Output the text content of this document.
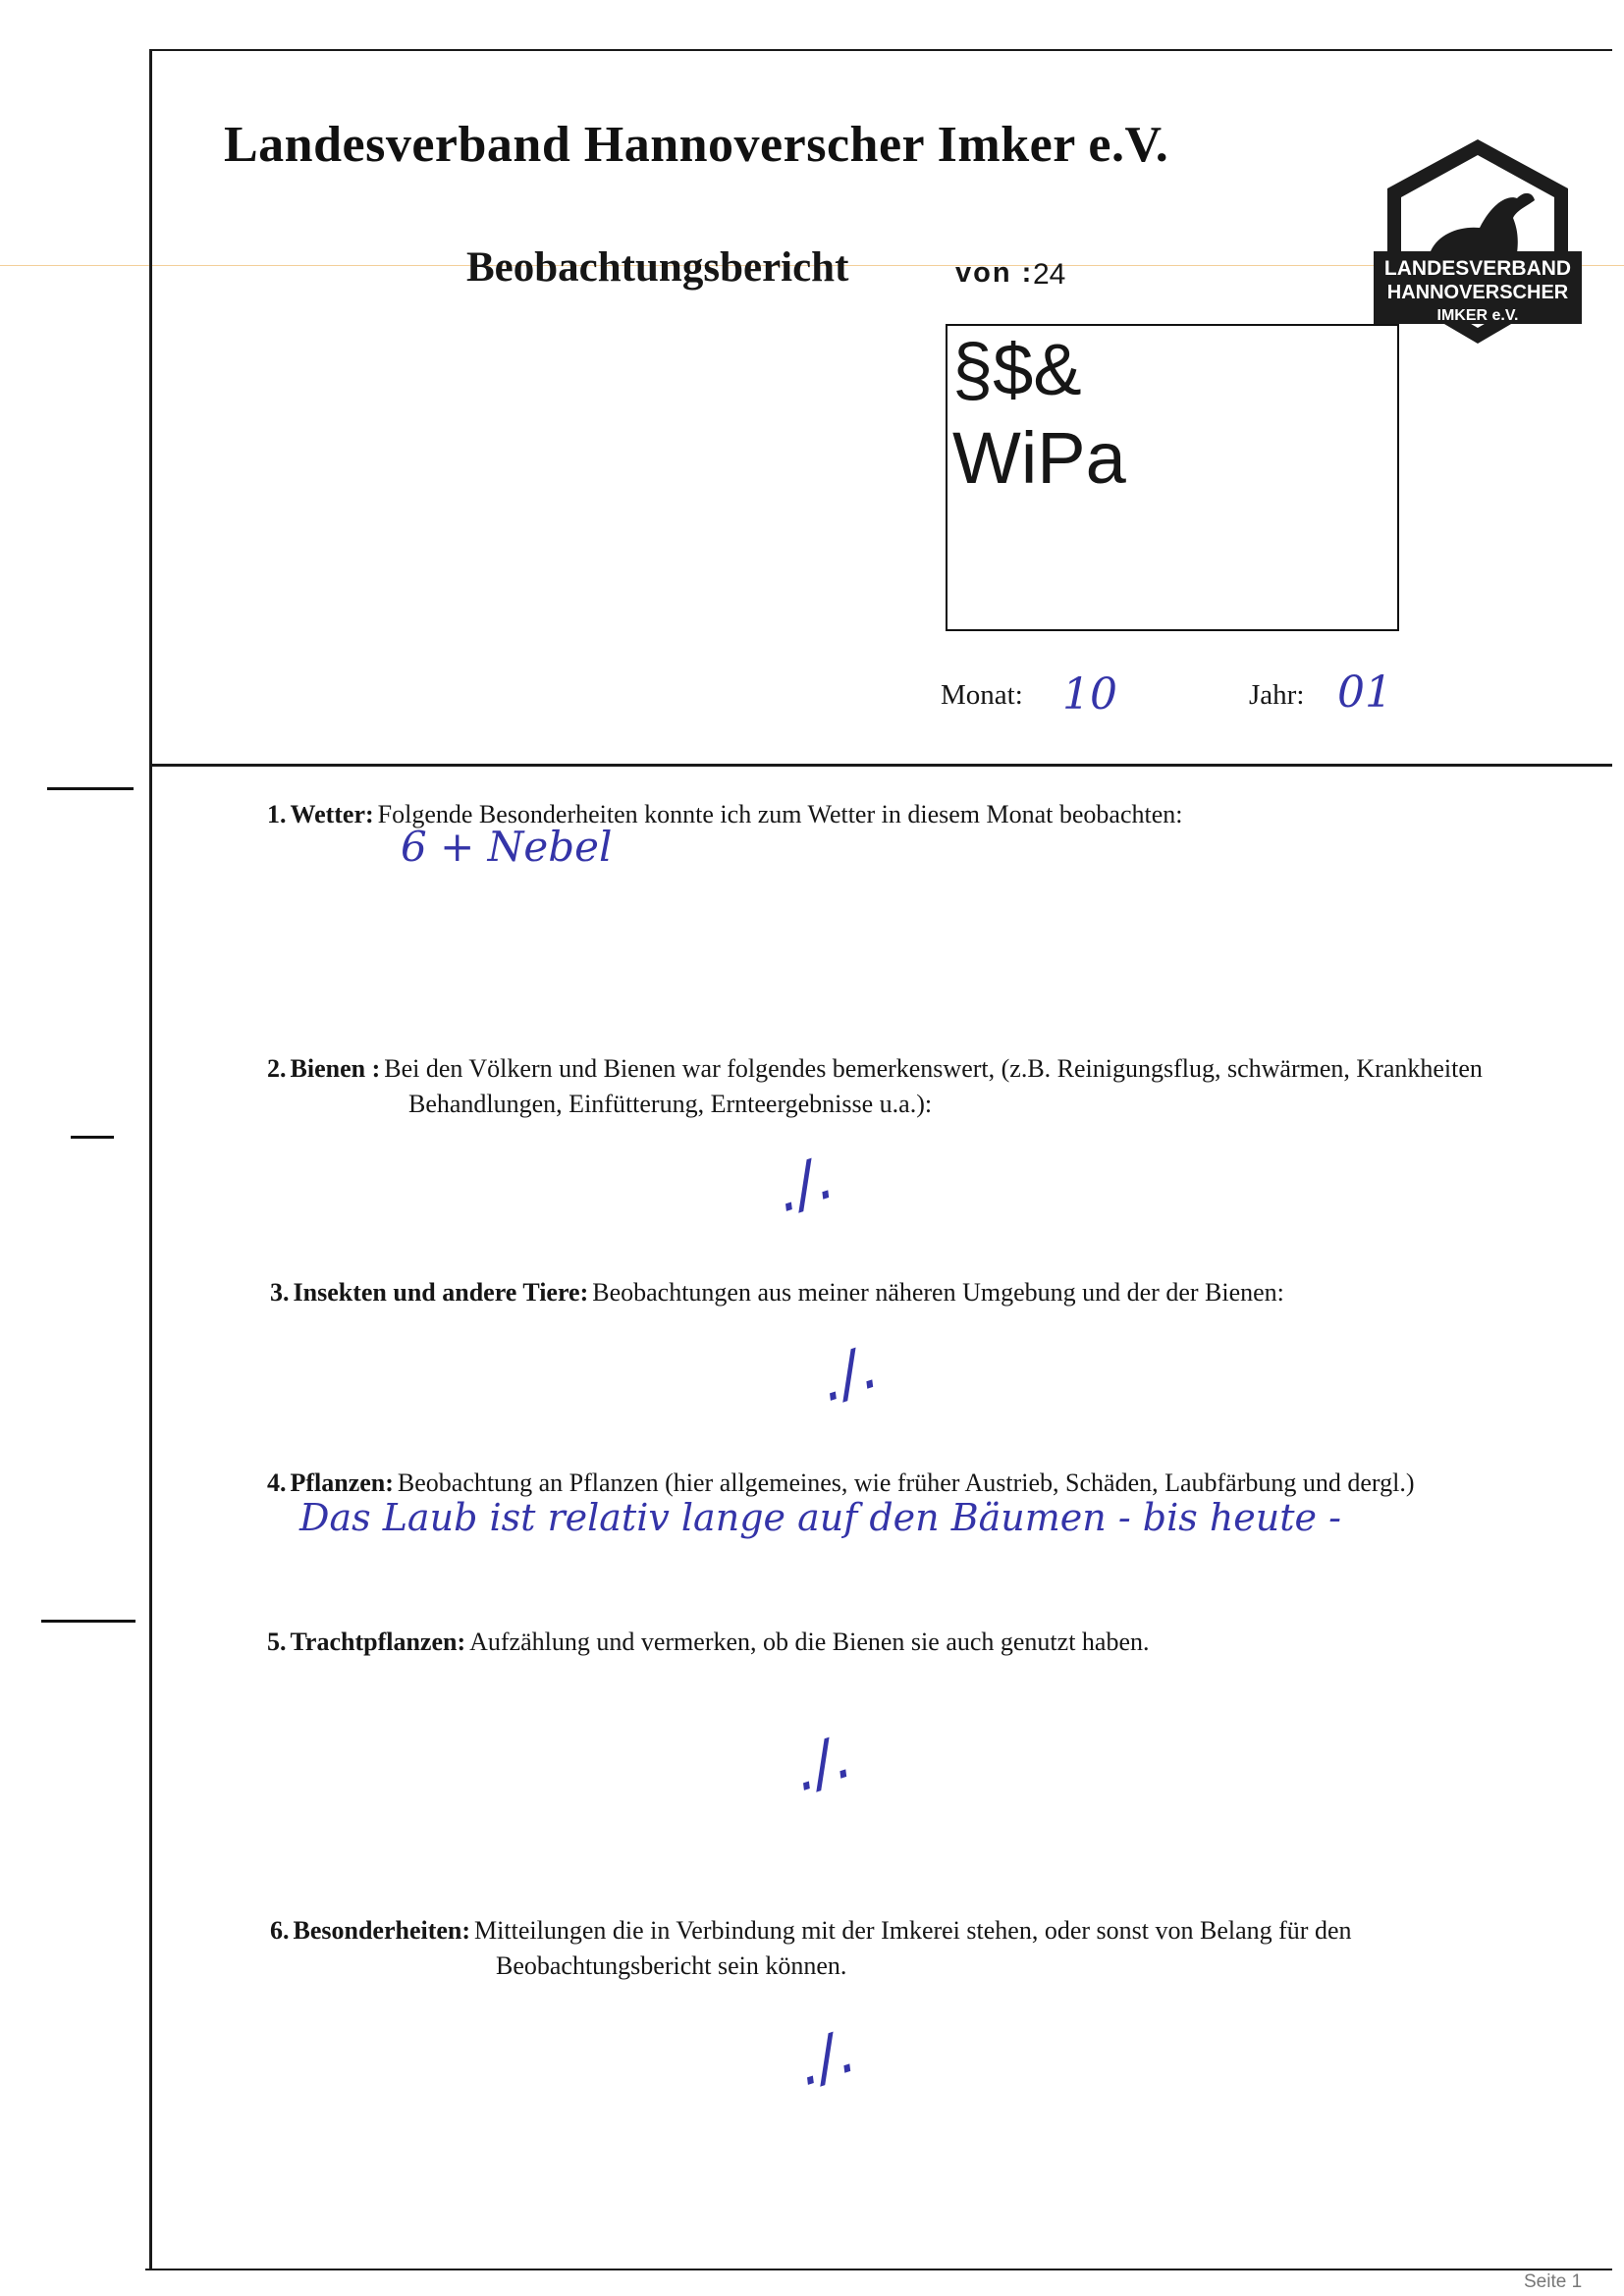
Landesverband Hannoverscher Imker e.V.
LANDESVERBAND
HANNOVERSCHER
IMKER e.V.
Beobachtungsbericht	von : 24
§$&
WiPa
Monat: 10	Jahr: 01
1. Wetter: Folgende Besonderheiten konnte ich zum Wetter in diesem Monat beobachten:
6 + Nebel
2. Bienen : Bei den Völkern und Bienen war folgendes bemerkenswert, (z.B. Reinigungsflug, schwärmen, Krankheiten
Behandlungen, Einfütterung, Ernteergebnisse u.a.):
./.
3. Insekten und andere Tiere: Beobachtungen aus meiner näheren Umgebung und der der Bienen:
./.
4. Pflanzen: Beobachtung an Pflanzen (hier allgemeines, wie früher Austrieb, Schäden, Laubfärbung und dergl.)
Das Laub ist relativ lange auf den Bäumen - bis heute -
5. Trachtpflanzen: Aufzählung und vermerken, ob die Bienen sie auch genutzt haben.
./.
6. Besonderheiten: Mitteilungen die in Verbindung mit der Imkerei stehen, oder sonst von Belang für den
Beobachtungsbericht sein können.
./.
Seite 1
